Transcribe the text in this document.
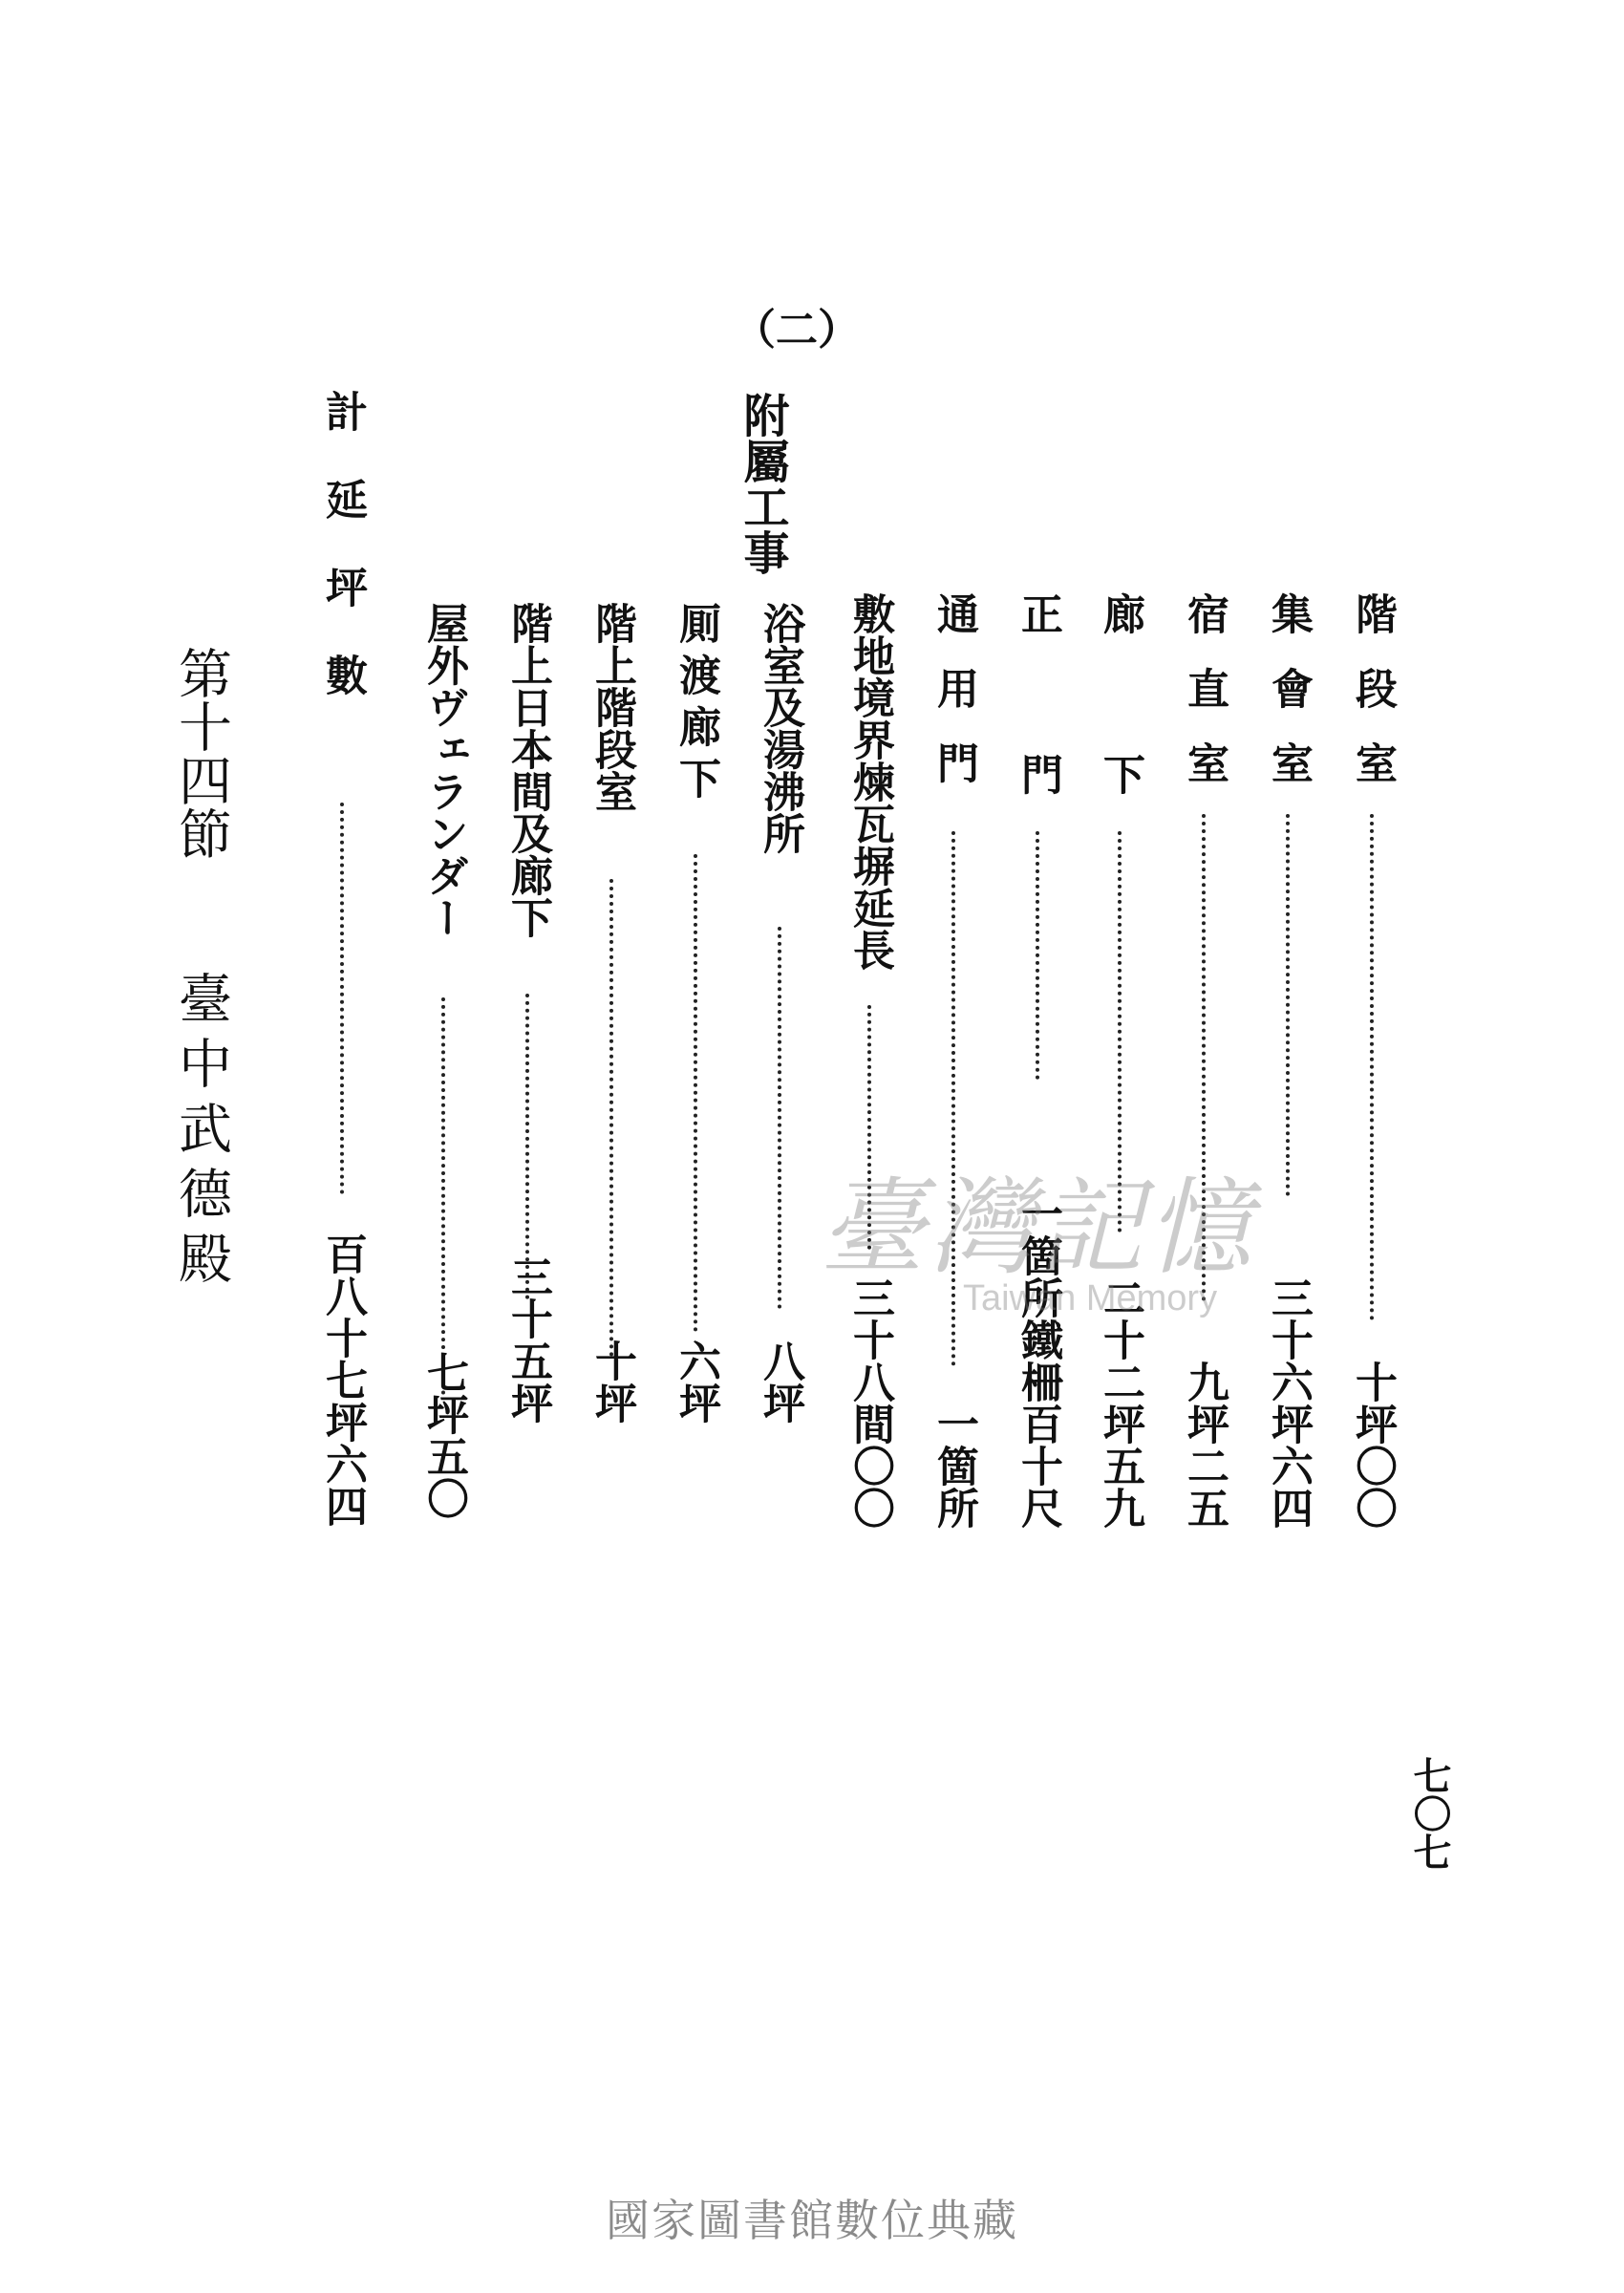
（二）
階段室
十坪〇〇
集會室
三十六坪六四
宿直室
九坪二五
廊下
二十二坪五九
正門
一箇所鐵柵百十尺
通用門
一箇所
敷地境界煉瓦塀延長
三十八間〇〇
附屬工事
浴室及湯沸所
八坪
厠渡廊下
六坪
階上階段室
十坪
階上日本間及廊下
三十五坪
屋外ヴェランダー
七坪五〇
計延坪數
百八十七坪六四
第十四節
臺中武德殿
七〇七
臺灣記憶
Taiwan Memory
國家圖書館數位典藏
